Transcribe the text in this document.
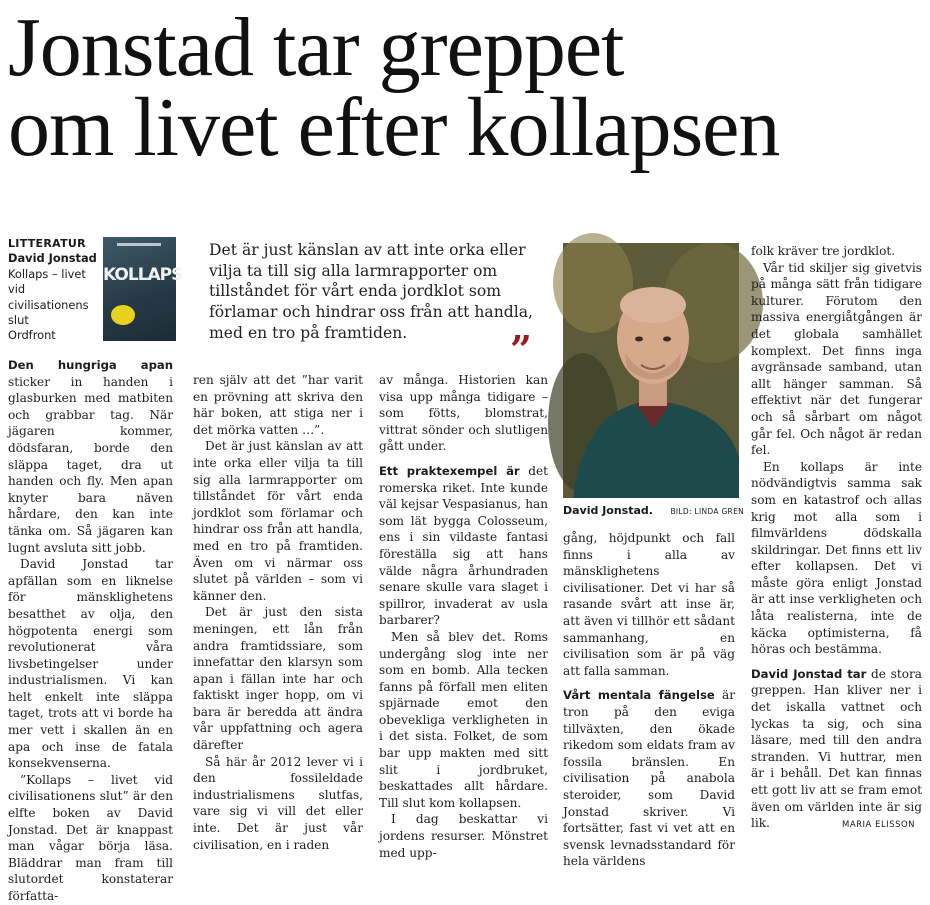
Jonstad tar greppet
om livet efter kollapsen
LITTERATUR
David Jonstad
Kollaps – livet vid civilisationens slut
Ordfront
KOLLAPS
Det är just känslan av att inte orka eller vilja ta till sig alla larmrapporter om tillståndet för vårt enda jordklot som förlamar och hindrar oss från att handla, med en tro på framtiden.	”
David Jonstad. BILD: LINDA GREN

Den hungriga apan sticker in handen i glasburken med matbiten och grabbar tag. När jägaren kommer, dödsfaran, borde den släppa taget, dra ut handen och fly. Men apan knyter bara näven hårdare, den kan inte tänka om. Så jägaren kan lugnt avsluta sitt jobb.

David Jonstad tar apfällan som en liknelse för mänsklighetens besatthet av olja, den högpotenta energi som revolutionerat våra livsbetingelser under industrialismen. Vi kan helt enkelt inte släppa taget, trots att vi borde ha mer vett i skallen än en apa och inse de fatala konsekvenserna.

”Kollaps – livet vid civilisationens slut” är den elfte boken av David Jonstad. Det är knappast man vågar börja läsa. Bläddrar man fram till slutordet konstaterar författa-

ren själv att det ”har varit en prövning att skriva den här boken, att stiga ner i det mörka vatten …”.

Det är just känslan av att inte orka eller vilja ta till sig alla larmrapporter om tillståndet för vårt enda jordklot som förlamar och hindrar oss från att handla, med en tro på framtiden. Även om vi närmar oss slutet på världen – som vi känner den.

Det är just den sista meningen, ett lån från andra framtidssiare, som innefattar den klarsyn som apan i fällan inte har och faktiskt inger hopp, om vi bara är beredda att ändra vår uppfattning och agera därefter

Så här år 2012 lever vi i den fossileldade industrialismens slutfas, vare sig vi vill det eller inte. Det är just vår civilisation, en i raden

av många. Historien kan visa upp många tidigare – som fötts, blomstrat, vittrat sönder och slutligen gått under.

Ett praktexempel är det romerska riket. Inte kunde väl kejsar Vespasianus, han som lät bygga Colosseum, ens i sin vildaste fantasi föreställa sig att hans välde några århundraden senare skulle vara slaget i spillror, invaderat av usla barbarer?

Men så blev det. Roms undergång slog inte ner som en bomb. Alla tecken fanns på förfall men eliten spjärnade emot den obevekliga verkligheten in i det sista. Folket, de som bar upp makten med sitt slit i jordbruket, beskattades allt hårdare. Till slut kom kollapsen.

I dag beskattar vi jordens resurser. Mönstret med upp-

gång, höjdpunkt och fall finns i alla av mänsklighetens civilisationer. Det vi har så rasande svårt att inse är, att även vi tillhör ett sådant sammanhang, en civilisation som är på väg att falla samman.

Vårt mentala fängelse är tron på den eviga tillväxten, den ökade rikedom som eldats fram av fossila bränslen. En civilisation på anabola steroider, som David Jonstad skriver. Vi fortsätter, fast vi vet att en svensk levnadsstandard för hela världens

folk kräver tre jordklot.

Vår tid skiljer sig givetvis på många sätt från tidigare kulturer. Förutom den massiva energiåtgången är det globala samhället komplext. Det finns inga avgränsade samband, utan allt hänger samman. Så effektivt när det fungerar och så sårbart om något går fel. Och något är redan fel.

En kollaps är inte nödvändigtvis samma sak som en katastrof och allas krig mot alla som i filmvärldens dödskalla skildringar. Det finns ett liv efter kollapsen. Det vi måste göra enligt Jonstad är att inse verkligheten och låta realisterna, inte de käcka optimisterna, få höras och bestämma.

David Jonstad tar de stora greppen. Han kliver ner i det iskalla vattnet och lyckas ta sig, och sina läsare, med till den andra stranden. Vi huttrar, men är i behåll. Det kan finnas ett gott liv att se fram emot även om världen inte är sig lik.	MARIA ELISSON
